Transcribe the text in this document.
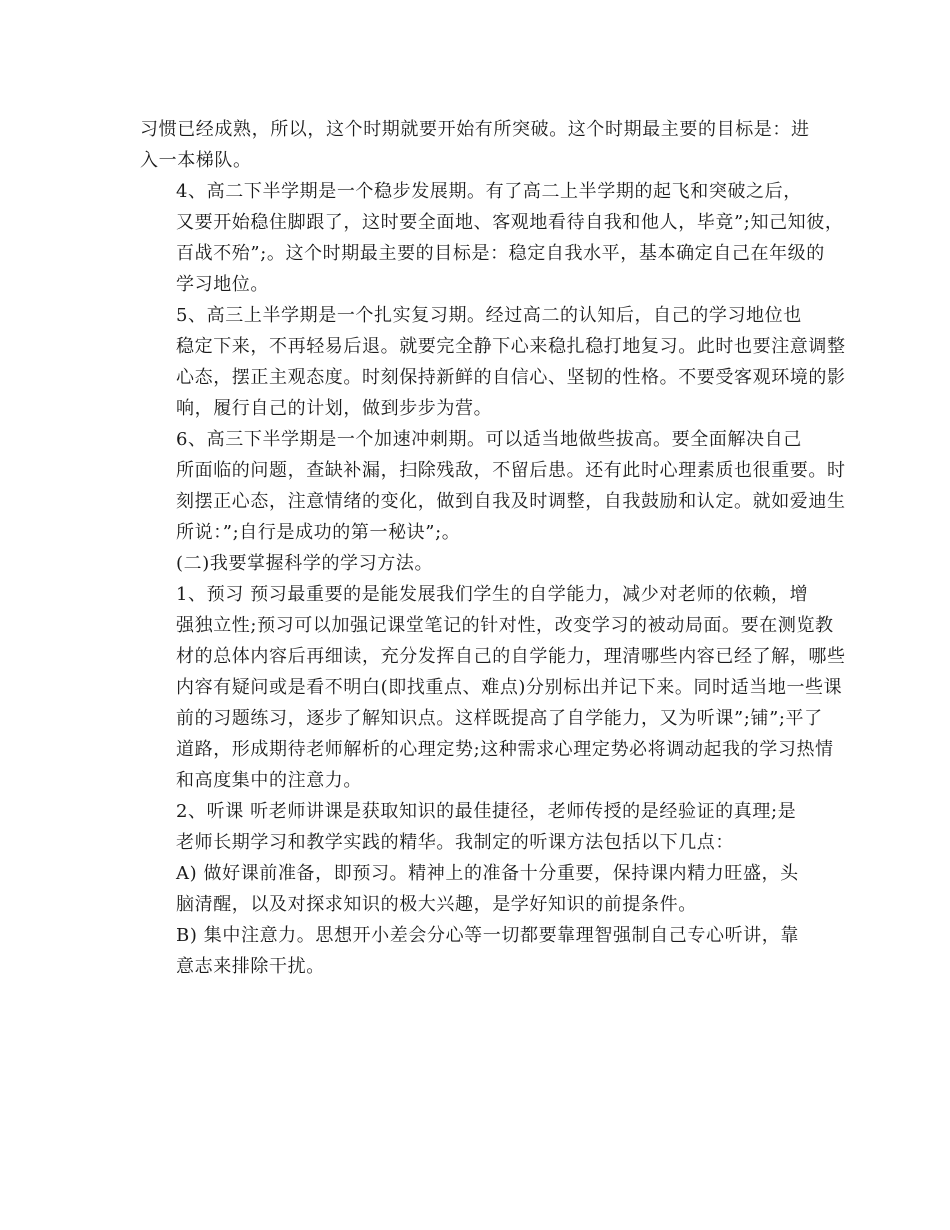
习惯已经成熟，所以，这个时期就要开始有所突破。这个时期最主要的目标是：进
入一本梯队。

4、高二下半学期是一个稳步发展期。有了高二上半学期的起飞和突破之后，
又要开始稳住脚跟了，这时要全面地、客观地看待自我和他人，毕竟”;知己知彼，
百战不殆”;。这个时期最主要的目标是：稳定自我水平，基本确定自己在年级的
学习地位。

5、高三上半学期是一个扎实复习期。经过高二的认知后，自己的学习地位也
稳定下来，不再轻易后退。就要完全静下心来稳扎稳打地复习。此时也要注意调整
心态，摆正主观态度。时刻保持新鲜的自信心、坚韧的性格。不要受客观环境的影
响，履行自己的计划，做到步步为营。

6、高三下半学期是一个加速冲刺期。可以适当地做些拔高。要全面解决自己
所面临的问题，查缺补漏，扫除残敌，不留后患。还有此时心理素质也很重要。时
刻摆正心态，注意情绪的变化，做到自我及时调整，自我鼓励和认定。就如爱迪生
所说：”;自行是成功的第一秘诀”;。

(二)我要掌握科学的学习方法。

1、预习 预习最重要的是能发展我们学生的自学能力，减少对老师的依赖，增
强独立性;预习可以加强记课堂笔记的针对性，改变学习的被动局面。要在测览教
材的总体内容后再细读，充分发挥自己的自学能力，理清哪些内容已经了解，哪些
内容有疑问或是看不明白(即找重点、难点)分别标出并记下来。同时适当地一些课
前的习题练习，逐步了解知识点。这样既提高了自学能力，又为听课”;铺”;平了
道路，形成期待老师解析的心理定势;这种需求心理定势必将调动起我的学习热情
和高度集中的注意力。

2、听课 听老师讲课是获取知识的最佳捷径，老师传授的是经验证的真理;是
老师长期学习和教学实践的精华。我制定的听课方法包括以下几点：

A) 做好课前准备，即预习。精神上的准备十分重要，保持课内精力旺盛，头
脑清醒，以及对探求知识的极大兴趣，是学好知识的前提条件。

B) 集中注意力。思想开小差会分心等一切都要靠理智强制自己专心听讲，靠
意志来排除干扰。
